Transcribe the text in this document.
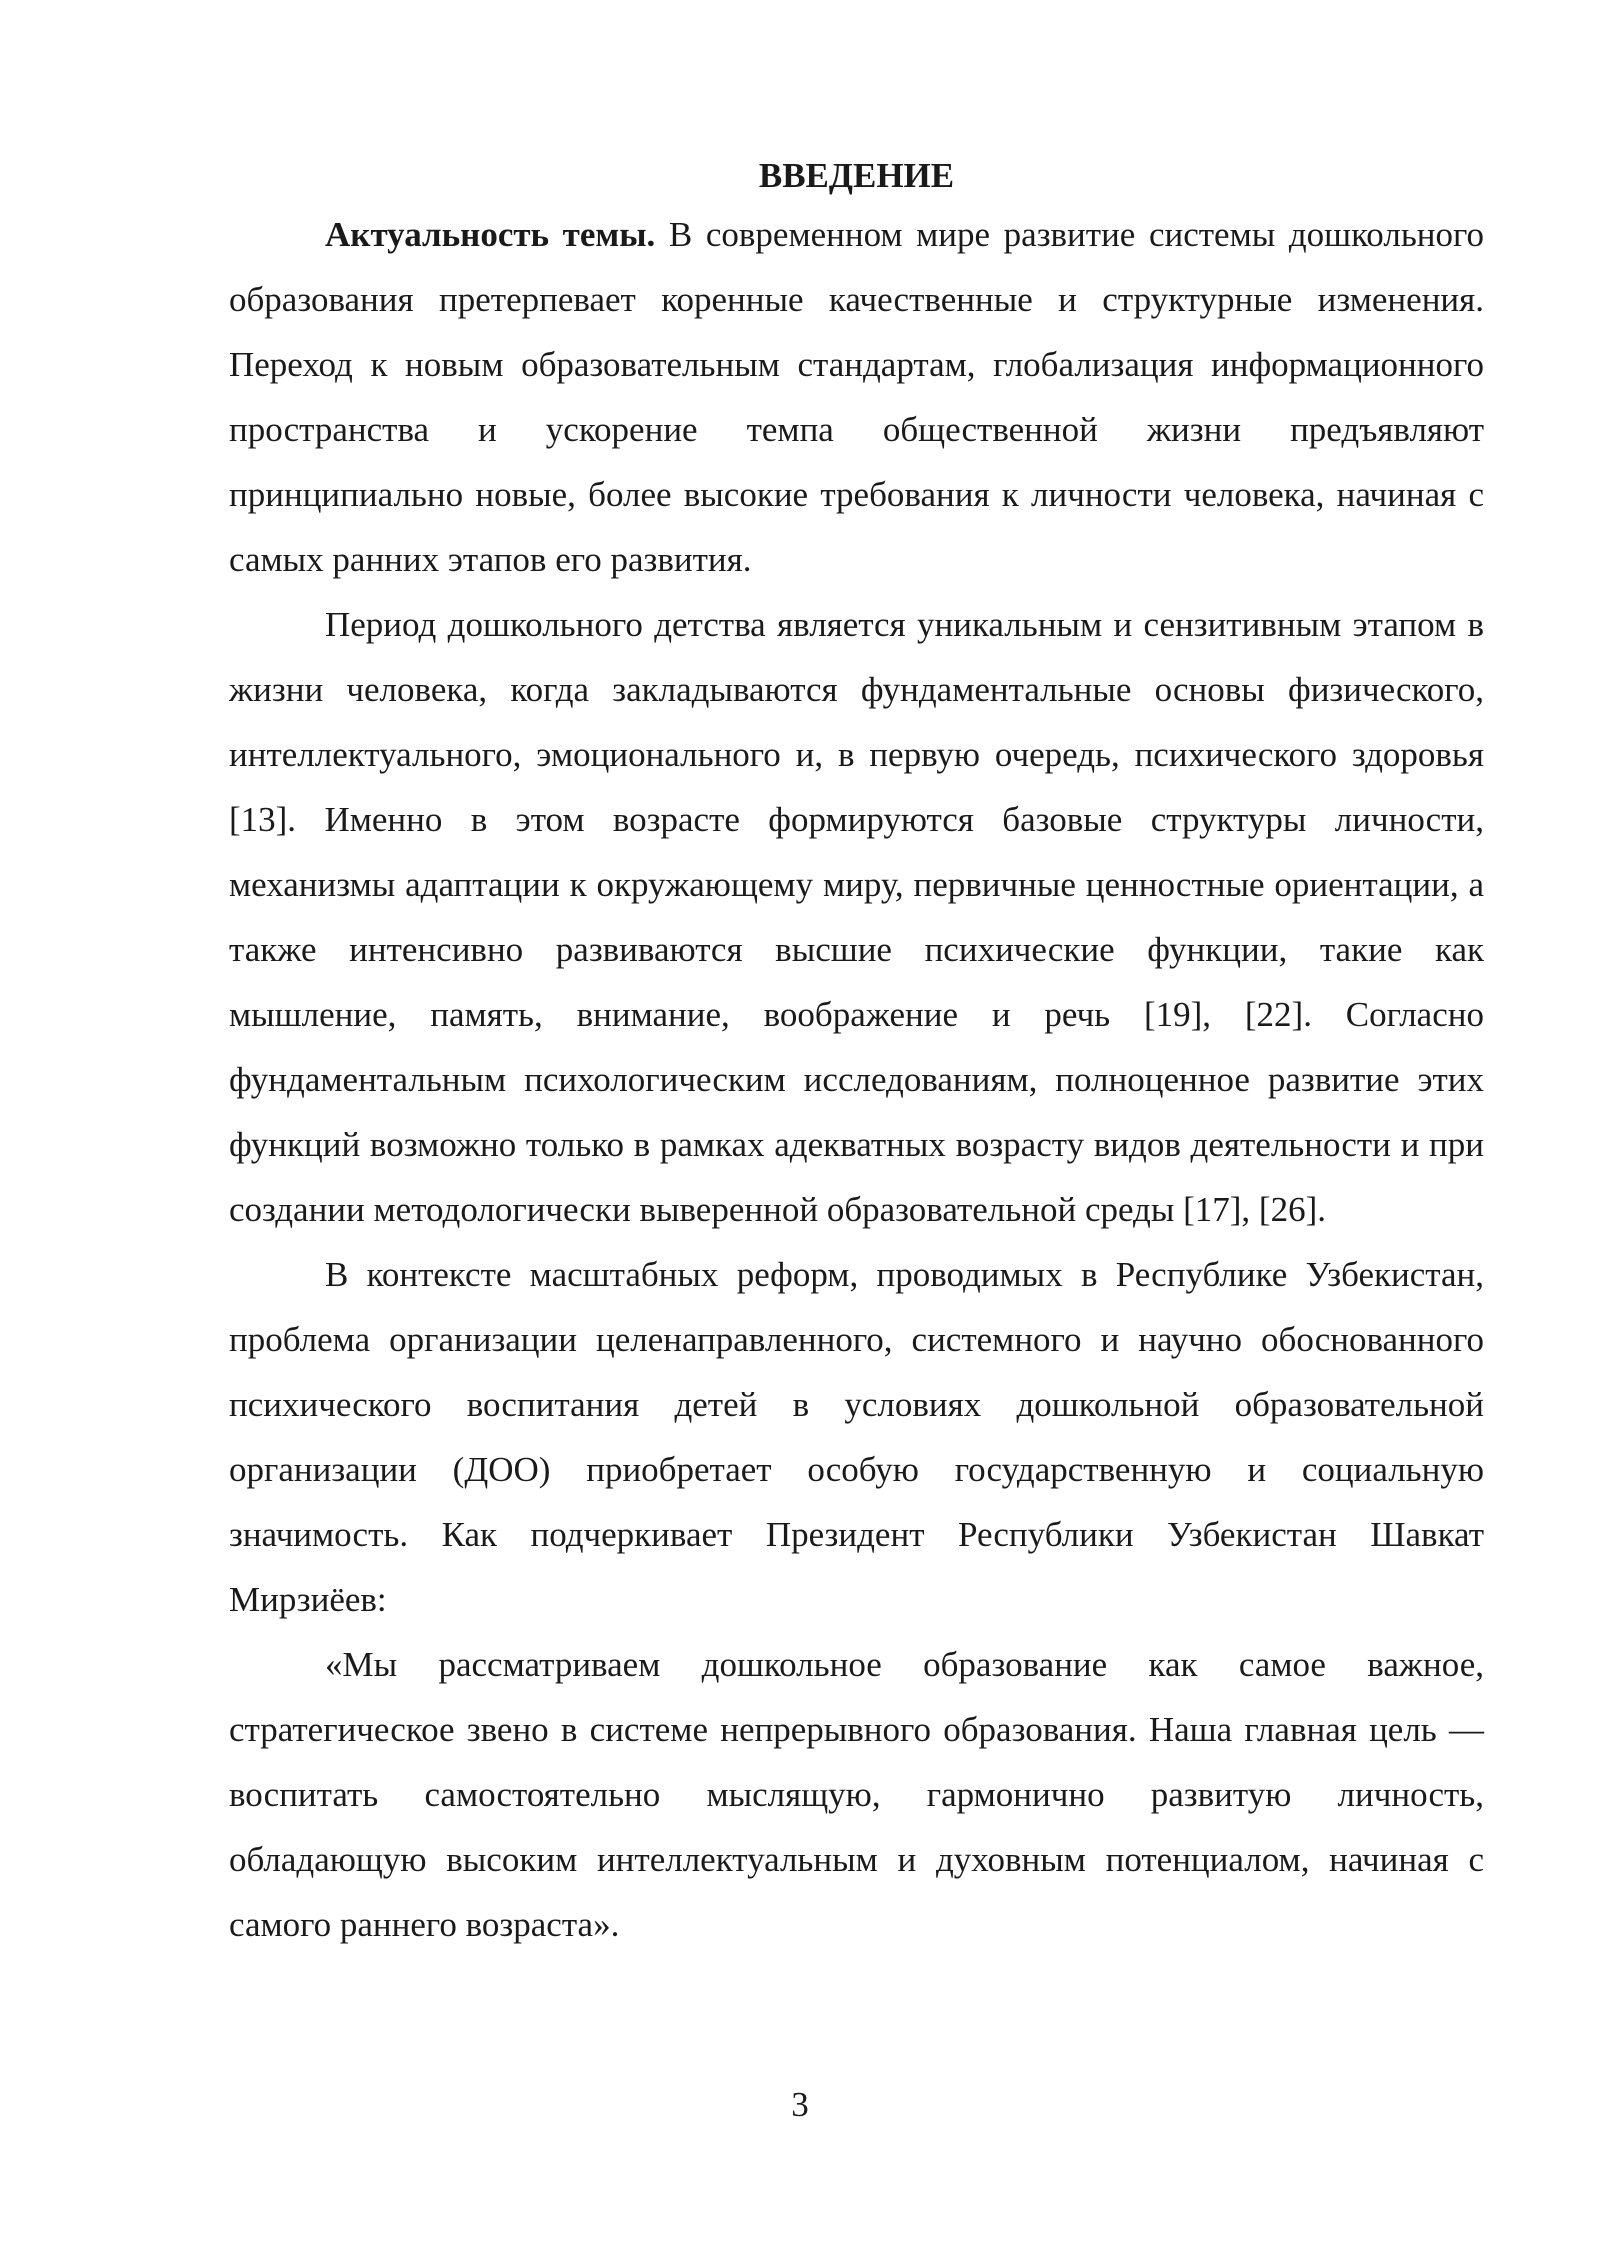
ВВЕДЕНИЕ

Актуальность темы. В современном мире развитие системы дошкольного образования претерпевает коренные качественные и структурные изменения. Переход к новым образовательным стандартам, глобализация информационного пространства и ускорение темпа общественной жизни предъявляют принципиально новые, более высокие требования к личности человека, начиная с самых ранних этапов его развития.

Период дошкольного детства является уникальным и сензитивным этапом в жизни человека, когда закладываются фундаментальные основы физического, интеллектуального, эмоционального и, в первую очередь, психического здоровья [13]. Именно в этом возрасте формируются базовые структуры личности, механизмы адаптации к окружающему миру, первичные ценностные ориентации, а также интенсивно развиваются высшие психические функции, такие как мышление, память, внимание, воображение и речь [19], [22]. Согласно фундаментальным психологическим исследованиям, полноценное развитие этих функций возможно только в рамках адекватных возрасту видов деятельности и при создании методологически выверенной образовательной среды [17], [26].

В контексте масштабных реформ, проводимых в Республике Узбекистан, проблема организации целенаправленного, системного и научно обоснованного психического воспитания детей в условиях дошкольной образовательной организации (ДОО) приобретает особую государственную и социальную значимость. Как подчеркивает Президент Республики Узбекистан Шавкат Мирзиёев:

«Мы рассматриваем дошкольное образование как самое важное, стратегическое звено в системе непрерывного образования. Наша главная цель — воспитать самостоятельно мыслящую, гармонично развитую личность, обладающую высоким интеллектуальным и духовным потенциалом, начиная с самого раннего возраста».

3
